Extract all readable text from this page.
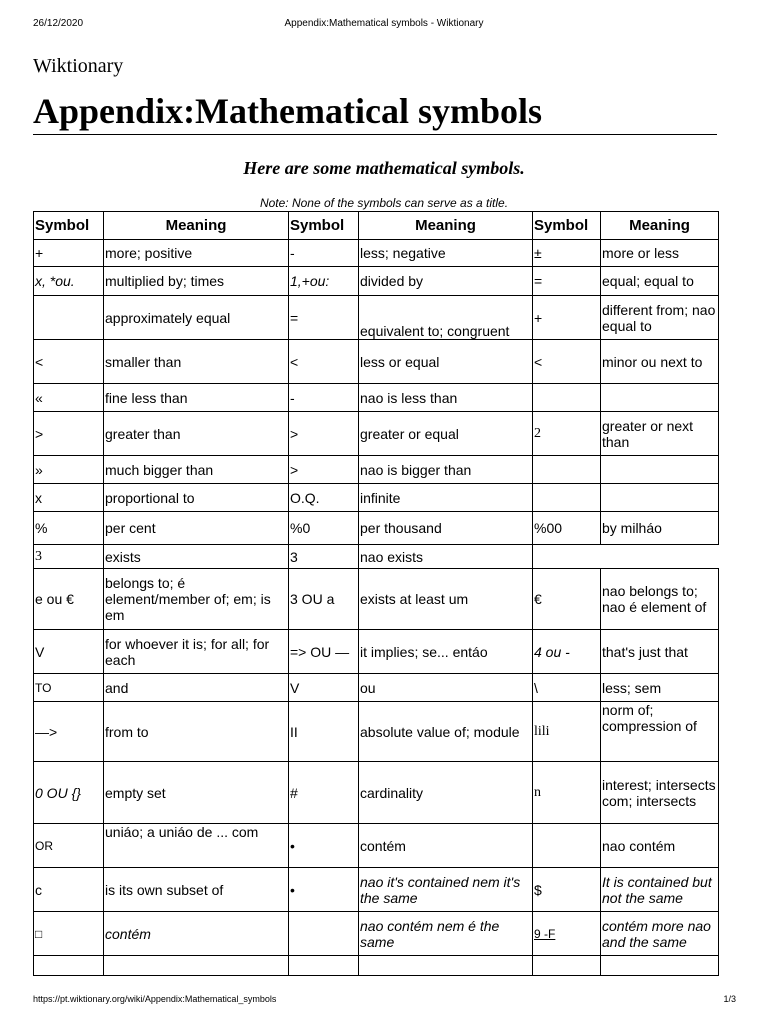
26/12/2020	Appendix:Mathematical symbols - Wiktionary
Wiktionary
Appendix:Mathematical symbols
Here are some mathematical symbols.
Note: None of the symbols can serve as a title.
Symbol	Meaning	Symbol	Meaning	Symbol	Meaning
+	more; positive	-	less; negative	±	more or less
x, *ou.	multiplied by; times	1,+ou:	divided by	=	equal; equal to
	approximately equal	=	equivalent to; congruent	+	different from; nao equal to
<	smaller than	<	less or equal	<	minor ou next to
«	fine less than	-	nao is less than		
>	greater than	>	greater or equal	2	greater or next than
»	much bigger than	>	nao is bigger than		
x	proportional to	O.Q.	infinite		
%	per cent	%0	per thousand	%00	by milháo
3	exists	3	nao exists		
e ou €	belongs to; é element/member of; em; is em	3 OU a	exists at least um	€	nao belongs to; nao é element of
V	for whoever it is; for all; for each	=> OU —	it implies; se... entáo	4 ou -	that's just that
TO	and	V	ou	\	less; sem
—>	from to	II	absolute value of; module	lili	norm of; compression of
0 OU {}	empty set	#	cardinality	n	interest; intersects com; intersects
OR	uniáo; a uniáo de ... com	•	contém		nao contém
c	is its own subset of	•	nao it's contained nem it's the same	$	It is contained but not the same
□	contém		nao contém nem é the same	9 -F	contém more nao and the same

https://pt.wiktionary.org/wiki/Appendix:Mathematical_symbols	1/3
